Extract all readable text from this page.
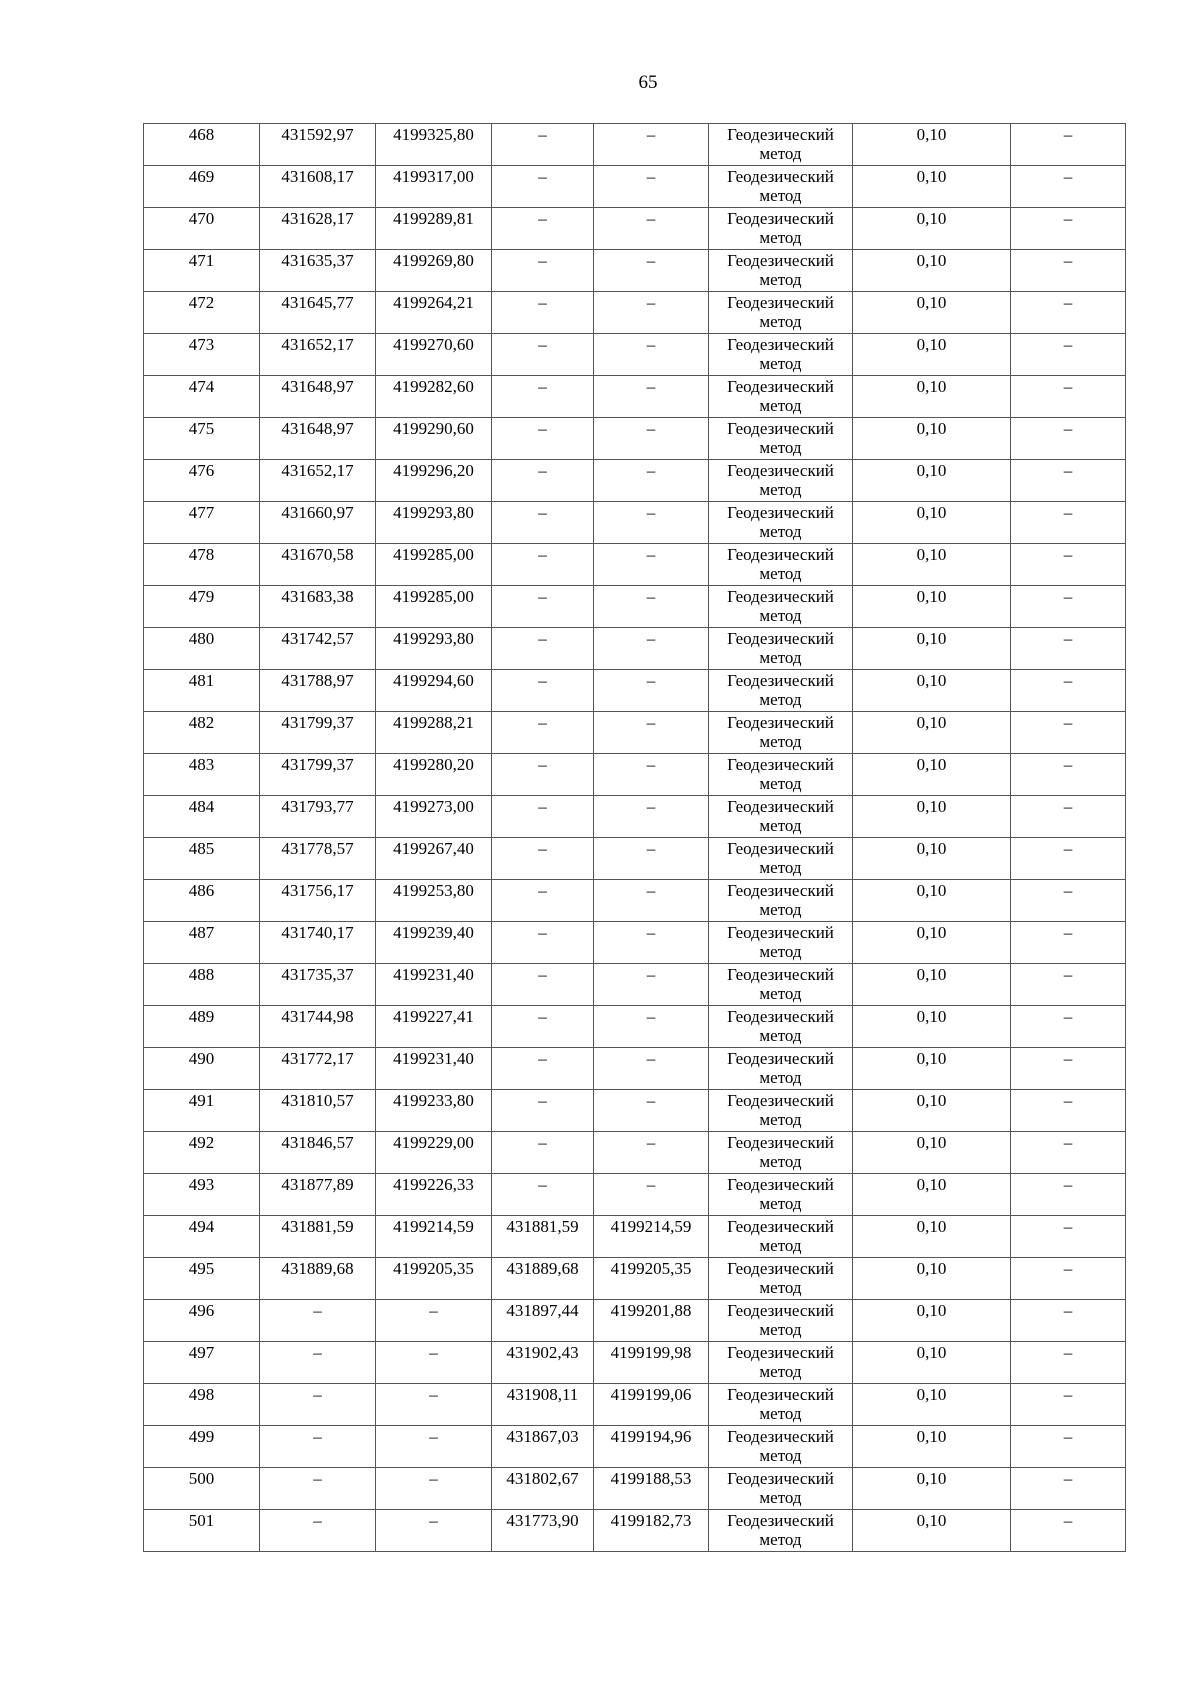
65
468	431592,97	4199325,80	–	–	Геодезический метод	0,10	–

469	431608,17	4199317,00	–	–	Геодезический метод	0,10	–

470	431628,17	4199289,81	–	–	Геодезический метод	0,10	–

471	431635,37	4199269,80	–	–	Геодезический метод	0,10	–

472	431645,77	4199264,21	–	–	Геодезический метод	0,10	–

473	431652,17	4199270,60	–	–	Геодезический метод	0,10	–

474	431648,97	4199282,60	–	–	Геодезический метод	0,10	–

475	431648,97	4199290,60	–	–	Геодезический метод	0,10	–

476	431652,17	4199296,20	–	–	Геодезический метод	0,10	–

477	431660,97	4199293,80	–	–	Геодезический метод	0,10	–

478	431670,58	4199285,00	–	–	Геодезический метод	0,10	–

479	431683,38	4199285,00	–	–	Геодезический метод	0,10	–

480	431742,57	4199293,80	–	–	Геодезический метод	0,10	–

481	431788,97	4199294,60	–	–	Геодезический метод	0,10	–

482	431799,37	4199288,21	–	–	Геодезический метод	0,10	–

483	431799,37	4199280,20	–	–	Геодезический метод	0,10	–

484	431793,77	4199273,00	–	–	Геодезический метод	0,10	–

485	431778,57	4199267,40	–	–	Геодезический метод	0,10	–

486	431756,17	4199253,80	–	–	Геодезический метод	0,10	–

487	431740,17	4199239,40	–	–	Геодезический метод	0,10	–

488	431735,37	4199231,40	–	–	Геодезический метод	0,10	–

489	431744,98	4199227,41	–	–	Геодезический метод	0,10	–

490	431772,17	4199231,40	–	–	Геодезический метод	0,10	–

491	431810,57	4199233,80	–	–	Геодезический метод	0,10	–

492	431846,57	4199229,00	–	–	Геодезический метод	0,10	–

493	431877,89	4199226,33	–	–	Геодезический метод	0,10	–

494	431881,59	4199214,59	431881,59	4199214,59	Геодезический метод	0,10	–

495	431889,68	4199205,35	431889,68	4199205,35	Геодезический метод	0,10	–

496	–	–	431897,44	4199201,88	Геодезический метод	0,10	–

497	–	–	431902,43	4199199,98	Геодезический метод	0,10	–

498	–	–	431908,11	4199199,06	Геодезический метод	0,10	–

499	–	–	431867,03	4199194,96	Геодезический метод	0,10	–

500	–	–	431802,67	4199188,53	Геодезический метод	0,10	–

501	–	–	431773,90	4199182,73	Геодезический метод	0,10	–
